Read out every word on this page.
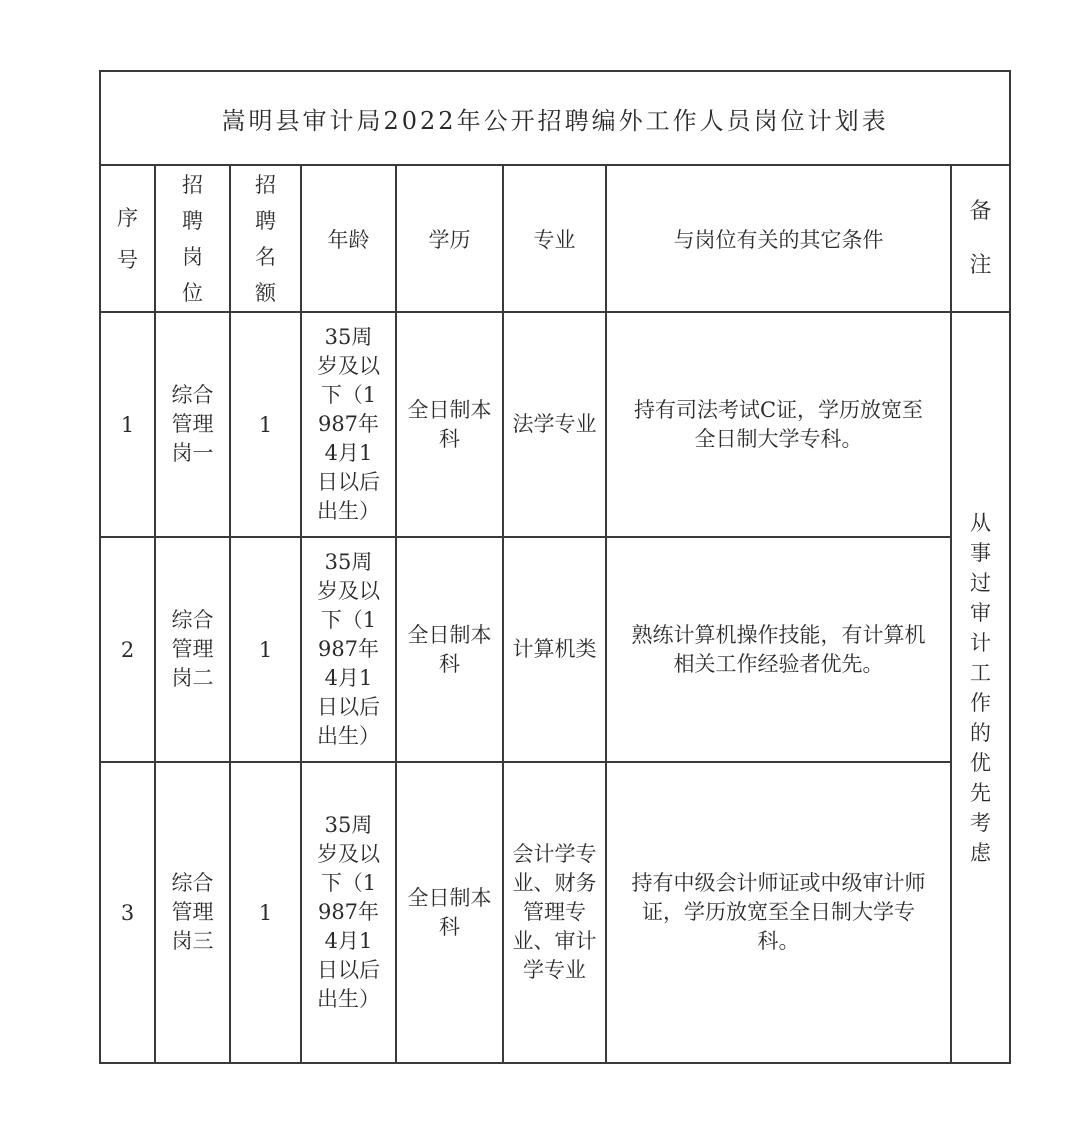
嵩明县审计局2022年公开招聘编外工作人员岗位计划表							
序号	招聘岗位	招聘名额	年龄	学历	专业	与岗位有关的其它条件	备注
1	综合管理岗一	1	35周岁及以下（1987年4月1日以后出生）	全日制本科	法学专业	持有司法考试C证，学历放宽至全日制大学专科。	从事过审计工作的优先考虑
2	综合管理岗二	1	35周岁及以下（1987年4月1日以后出生）	全日制本科	计算机类	熟练计算机操作技能，有计算机相关工作经验者优先。	
3	综合管理岗三	1	35周岁及以下（1987年4月1日以后出生）	全日制本科	会计学专业、财务管理专业、审计学专业	持有中级会计师证或中级审计师证，学历放宽至全日制大学专科。	
